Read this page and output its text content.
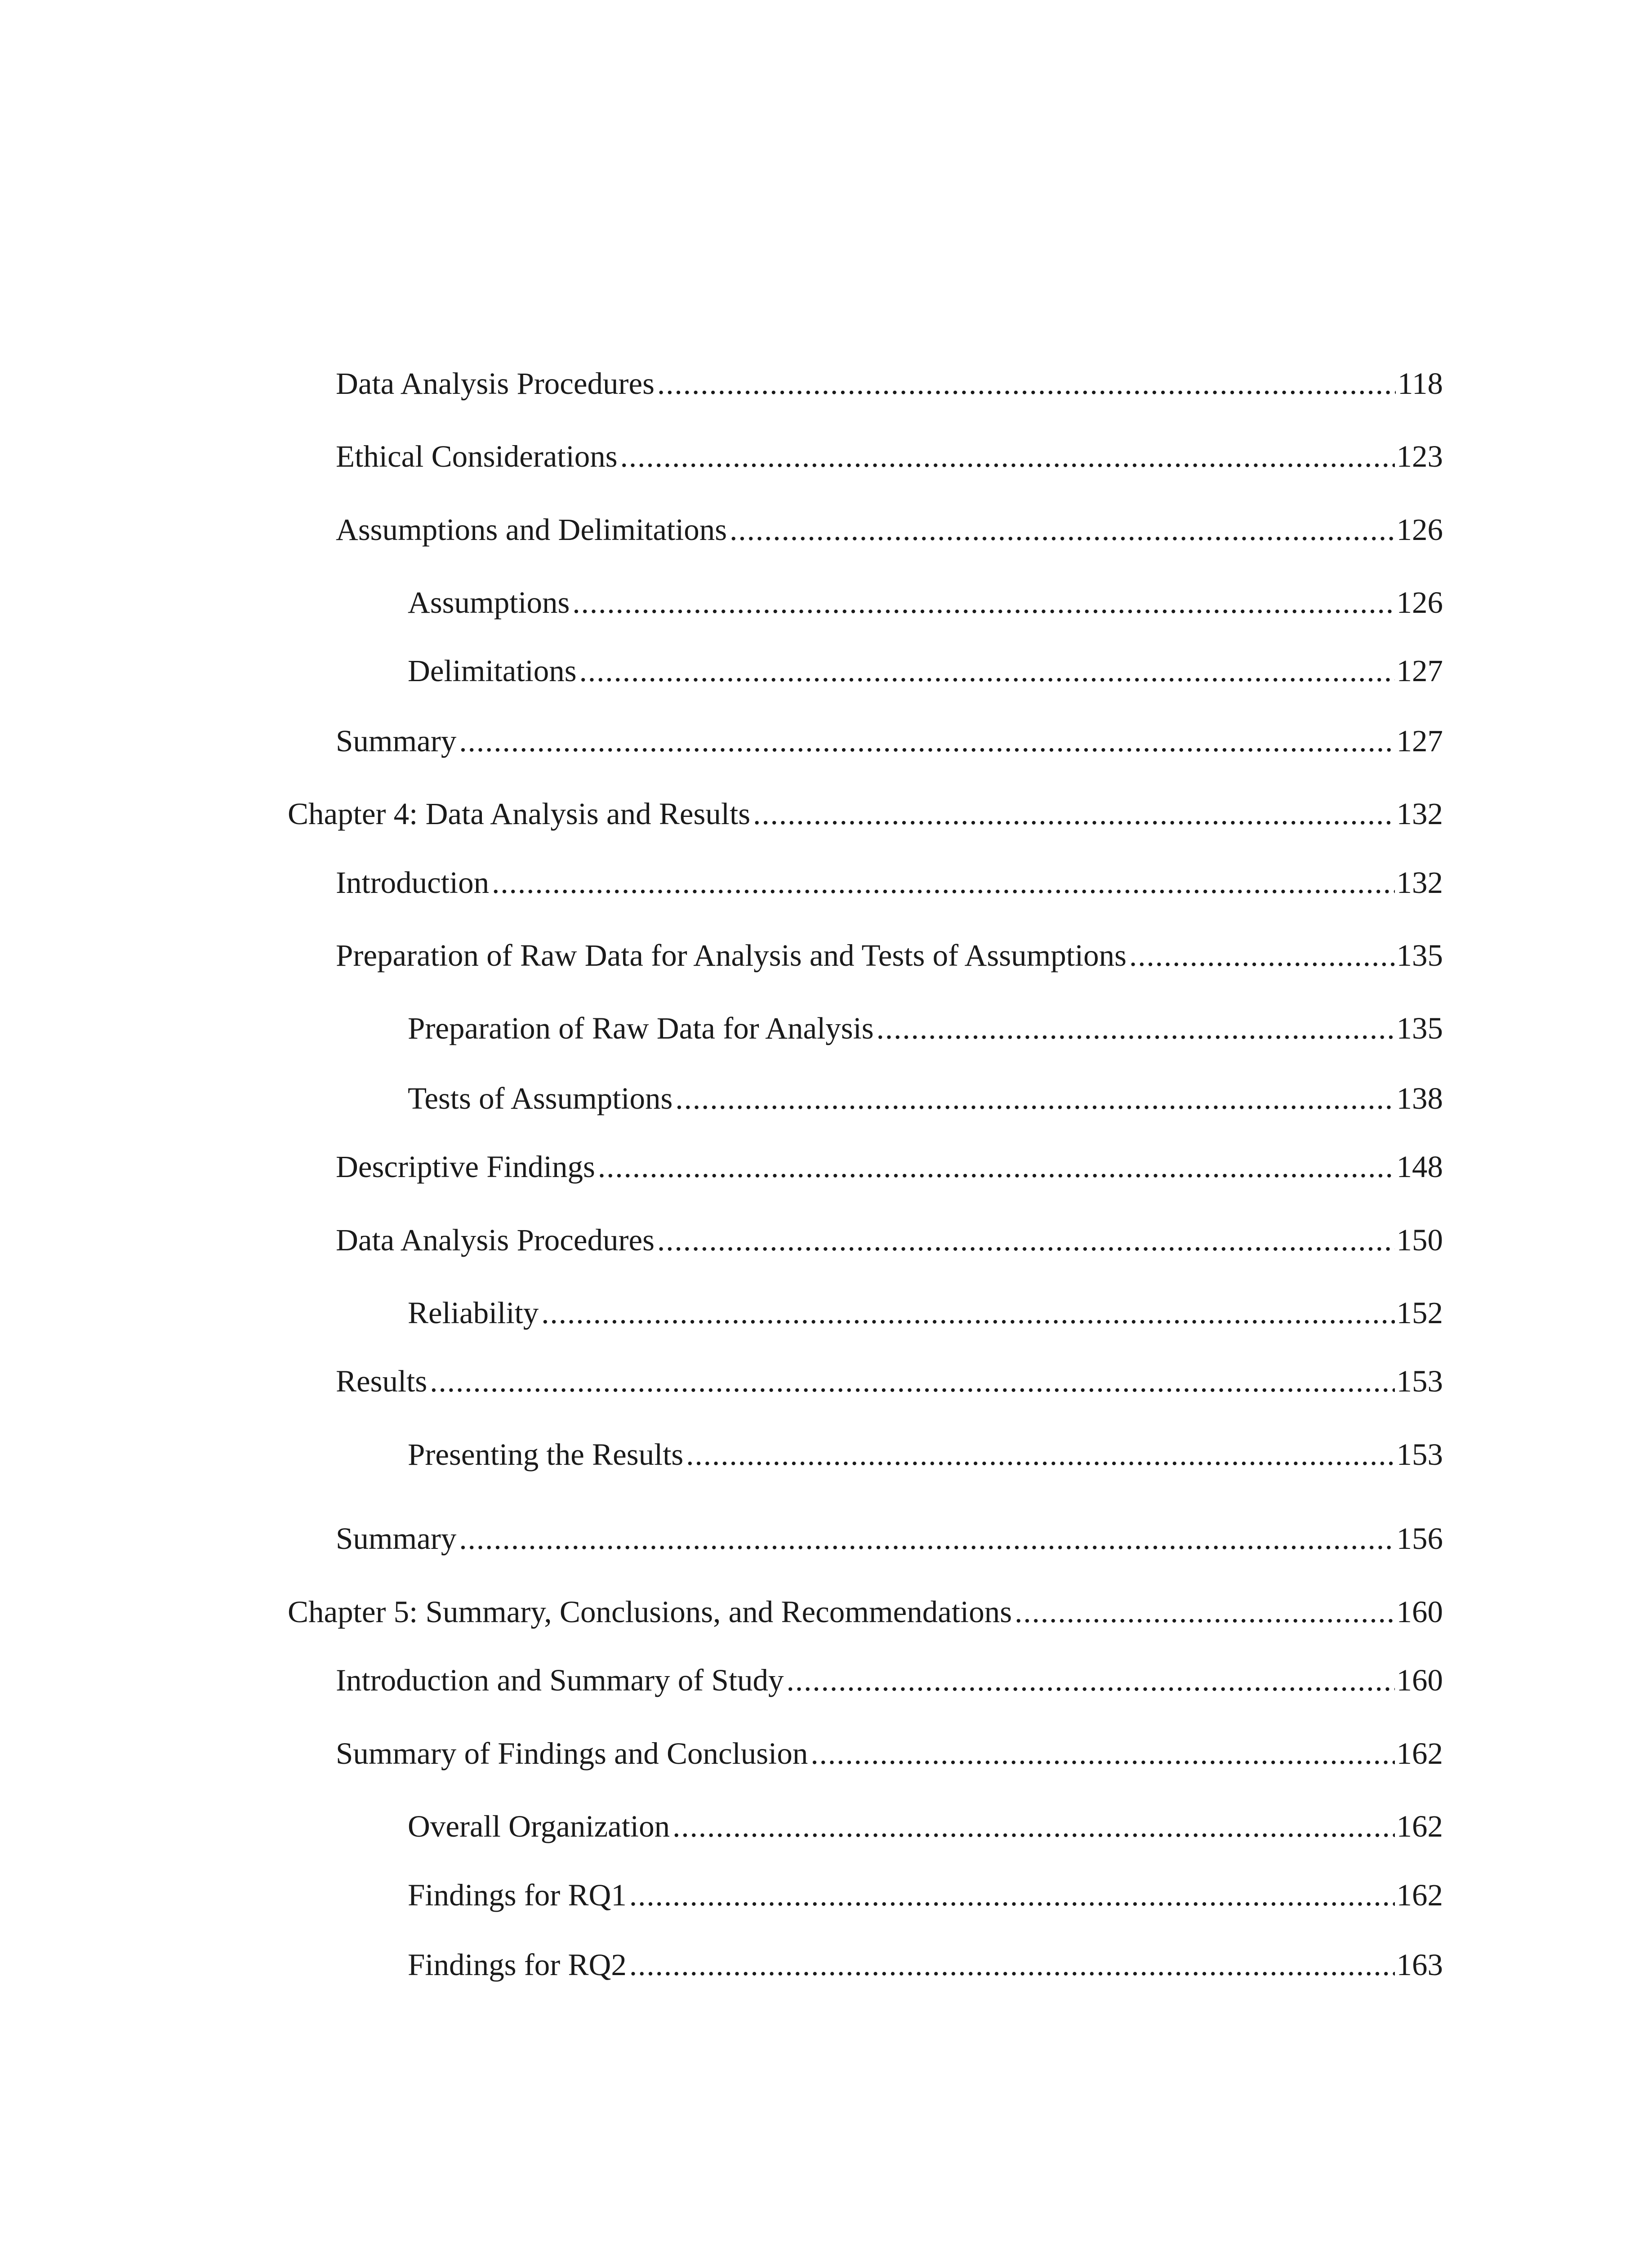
Data Analysis Procedures .....	118
Ethical Considerations .....	123
Assumptions and Delimitations .....	126
Assumptions .....	126
Delimitations .....	127
Summary .....	127
Chapter 4: Data Analysis and Results .....	132
Introduction .....	132
Preparation of Raw Data for Analysis and Tests of Assumptions .....	135
Preparation of Raw Data for Analysis .....	135
Tests of Assumptions .....	138
Descriptive Findings .....	148
Data Analysis Procedures .....	150
Reliability .....	152
Results .....	153
Presenting the Results .....	153
Summary .....	156
Chapter 5: Summary, Conclusions, and Recommendations .....	160
Introduction and Summary of Study .....	160
Summary of Findings and Conclusion .....	162
Overall Organization .....	162
Findings for RQ1 .....	162
Findings for RQ2 .....	163
